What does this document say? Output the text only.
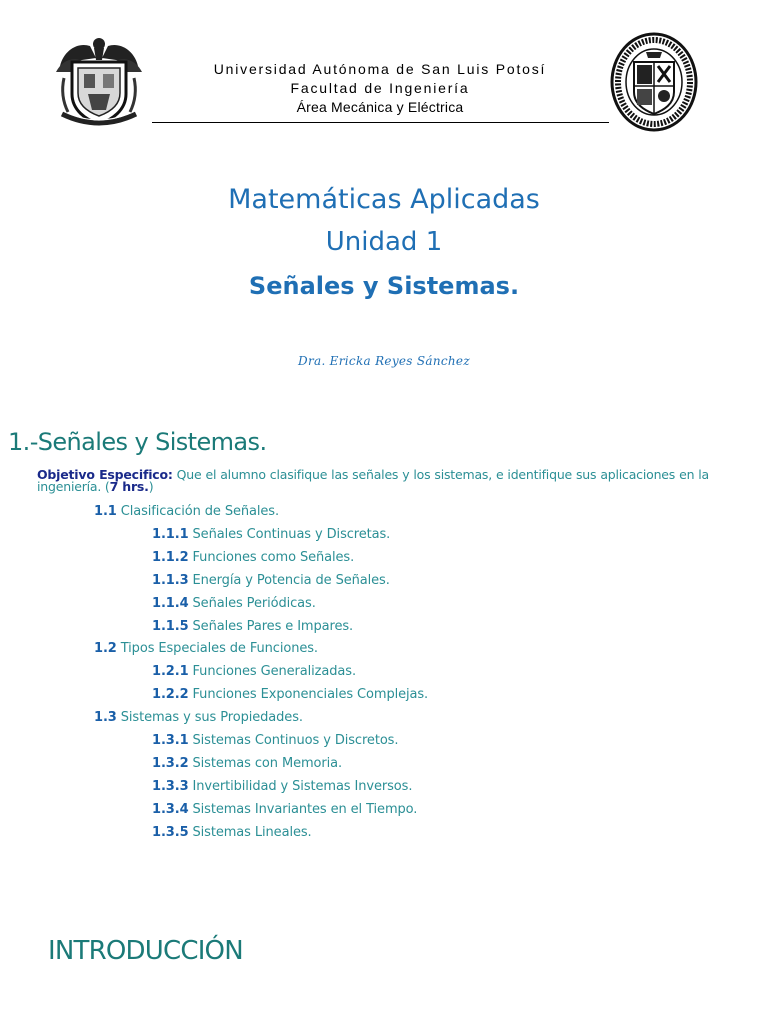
Universidad Autónoma de San Luis Potosí
Facultad de Ingeniería
Área Mecánica y Eléctrica
Matemáticas Aplicadas
Unidad 1
Señales y Sistemas.
Dra. Ericka Reyes Sánchez
1.-Señales y Sistemas.
Objetivo Especifico: Que el alumno clasifique las señales y los sistemas, e identifique sus aplicaciones en la ingeniería. (7 hrs.)
1.1 Clasificación de Señales.
1.1.1 Señales Continuas y Discretas.
1.1.2 Funciones como Señales.
1.1.3 Energía y Potencia de Señales.
1.1.4 Señales Periódicas.
1.1.5 Señales Pares e Impares.
1.2 Tipos Especiales de Funciones.
1.2.1 Funciones Generalizadas.
1.2.2 Funciones Exponenciales Complejas.
1.3 Sistemas y sus Propiedades.
1.3.1 Sistemas Continuos y Discretos.
1.3.2 Sistemas con Memoria.
1.3.3 Invertibilidad y Sistemas Inversos.
1.3.4 Sistemas Invariantes en el Tiempo.
1.3.5 Sistemas Lineales.
INTRODUCCIÓN
